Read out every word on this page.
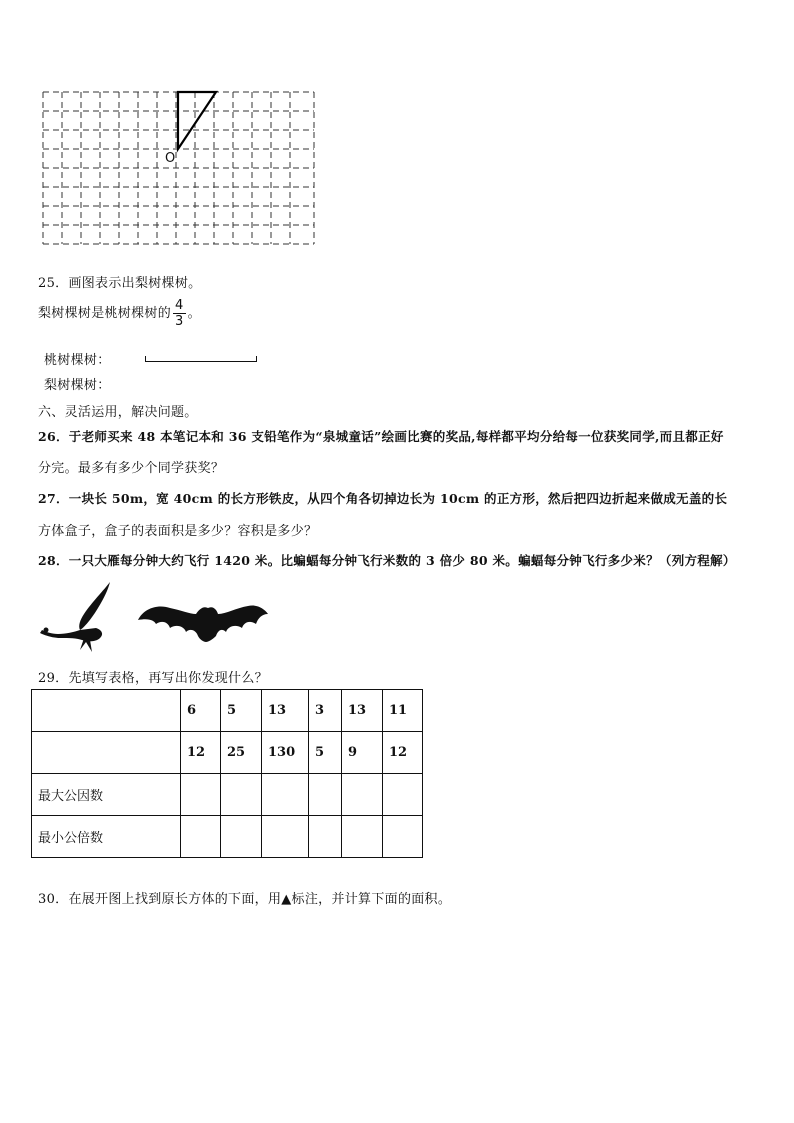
O
25．画图表示出梨树棵树。
梨树棵树是桃树棵树的 $\frac{4}{3}$ 。
桃树棵树：
梨树棵树：
六、灵活运用，解决问题。
26．于老师买来 48 本笔记本和 36 支铅笔作为“泉城童话”绘画比赛的奖品,每样都平均分给每一位获奖同学,而且都正好
分完。最多有多少个同学获奖？
27．一块长 50m，宽 40cm 的长方形铁皮，从四个角各切掉边长为 10cm 的正方形，然后把四边折起来做成无盖的长
方体盒子，盒子的表面积是多少？容积是多少？
28．一只大雁每分钟大约飞行 1420 米。比蝙蝠每分钟飞行米数的 3 倍少 80 米。蝙蝠每分钟飞行多少米？（列方程解）
29．先填写表格，再写出你发现什么？
	6	5	13	3	13	11
	12	25	130	5	9	12
最大公因数						
最小公倍数						
30．在展开图上找到原长方体的下面，用▲标注，并计算下面的面积。
